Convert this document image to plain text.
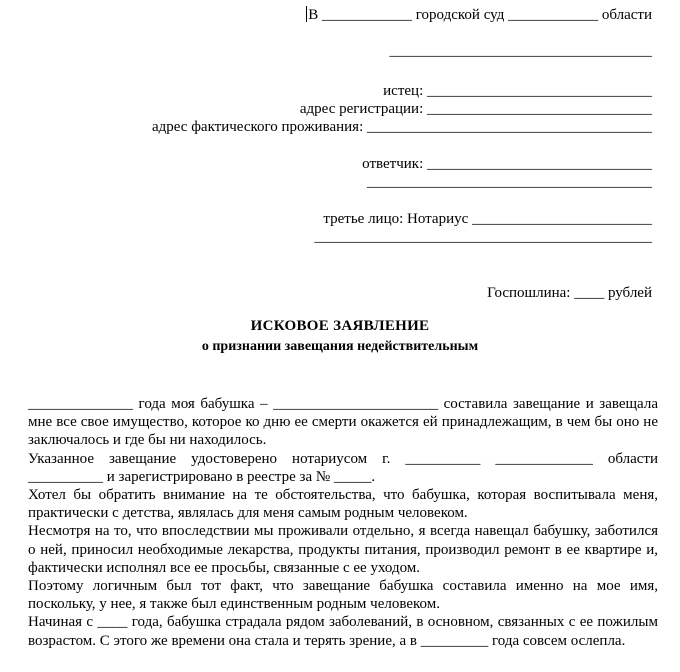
В ____________ городской суд ____________ области
___________________________________
истец: ______________________________
адрес регистрации: ______________________________
адрес фактического проживания: ______________________________________
ответчик: ______________________________
______________________________________
третье лицо: Нотариус ________________________
_____________________________________________
Госпошлина: ____ рублей
ИСКОВОЕ ЗАЯВЛЕНИЕ
о признании завещания недействительным

______________ года моя бабушка – ______________________ составила завещание и завещала мне все свое имущество, которое ко дню ее смерти окажется ей принадлежащим, в чем бы оно не заключалось и где бы ни находилось.

Указанное завещание удостоверено нотариусом г. __________ _____________ области __________ и зарегистрировано в реестре за № _____.

Хотел бы обратить внимание на те обстоятельства, что бабушка, которая воспитывала меня, практически с детства, являлась для меня самым родным человеком.

Несмотря на то, что впоследствии мы проживали отдельно, я всегда навещал бабушку, заботился о ней, приносил необходимые лекарства, продукты питания, производил ремонт в ее квартире и, фактически исполнял все ее просьбы, связанные с ее уходом.

Поэтому логичным был тот факт, что завещание бабушка составила именно на мое имя, поскольку, у нее, я также был единственным родным человеком.

Начиная с ____ года, бабушка страдала рядом заболеваний, в основном, связанных с ее пожилым возрастом. С этого же времени она стала и терять зрение, а в _________ года совсем ослепла.
